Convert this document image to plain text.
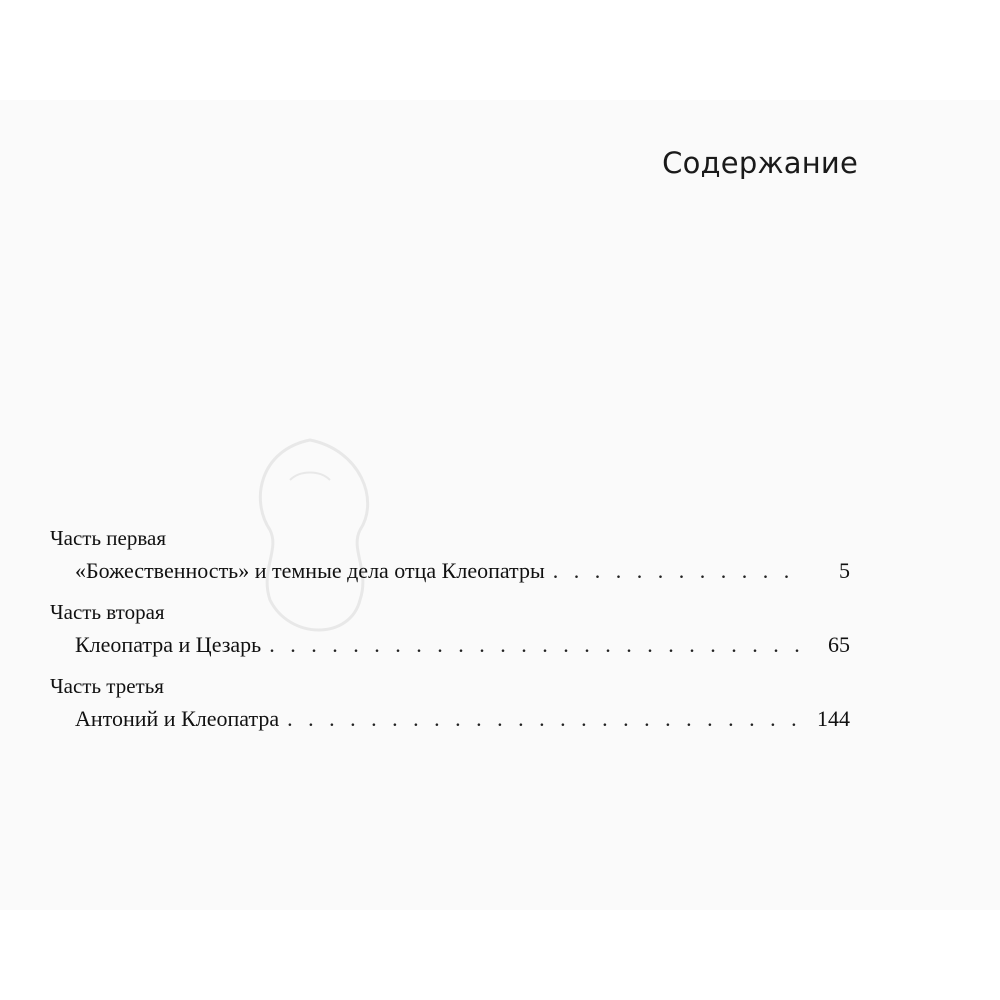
Содержание
Часть первая
«Божественность» и темные дела отца Клеопатры . . .	5
Часть вторая
Клеопатра и Цезарь . . .	65
Часть третья
Антоний и Клеопатра . . .	144
